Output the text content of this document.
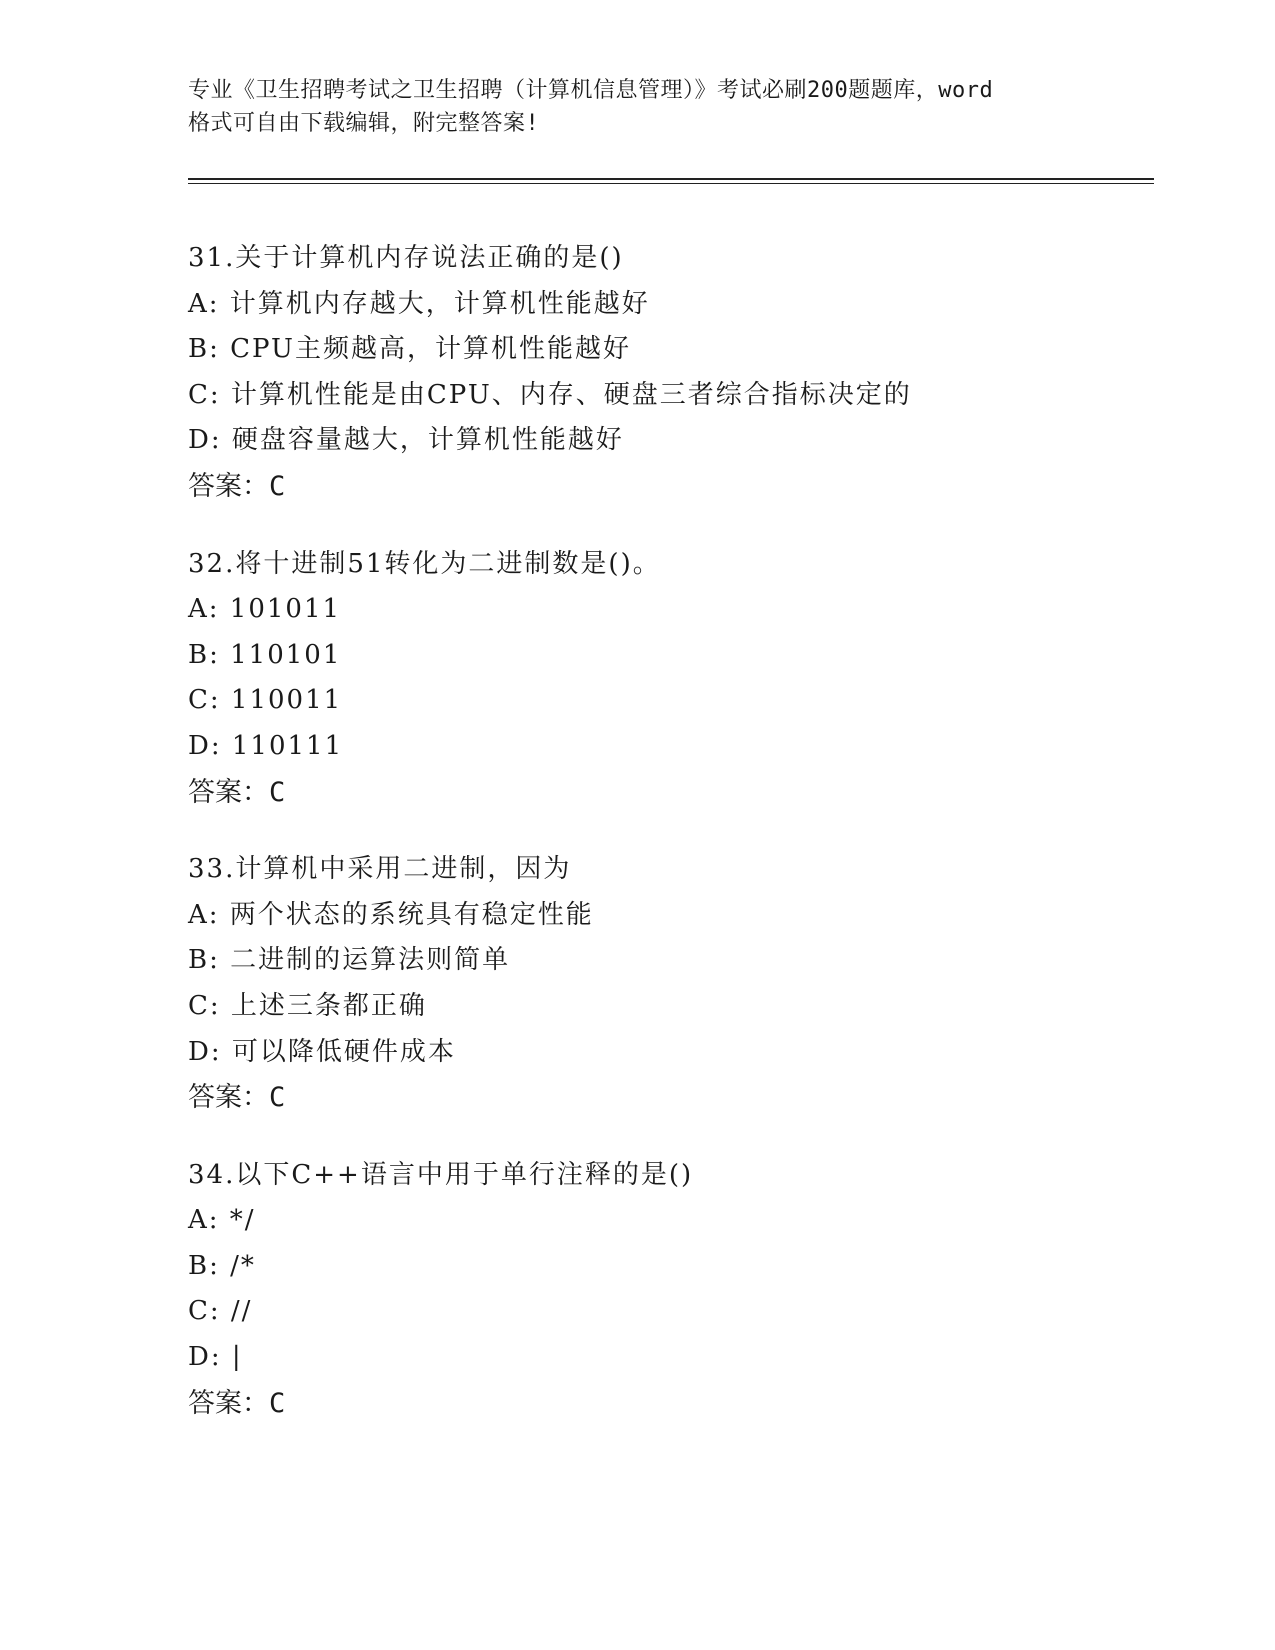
专业《卫生招聘考试之卫生招聘（计算机信息管理）》考试必刷200题题库，word
格式可自由下载编辑，附完整答案!

31.关于计算机内存说法正确的是()

A: 计算机内存越大，计算机性能越好

B: CPU主频越高，计算机性能越好

C: 计算机性能是由CPU、内存、硬盘三者综合指标决定的

D: 硬盘容量越大，计算机性能越好

答案：C

32.将十进制51转化为二进制数是()。

A: 101011

B: 110101

C: 110011

D: 110111

答案：C

33.计算机中采用二进制，因为

A: 两个状态的系统具有稳定性能

B: 二进制的运算法则简单

C: 上述三条都正确

D: 可以降低硬件成本

答案：C

34.以下C++语言中用于单行注释的是()

A: */

B: /*

C: //

D: |

答案：C
